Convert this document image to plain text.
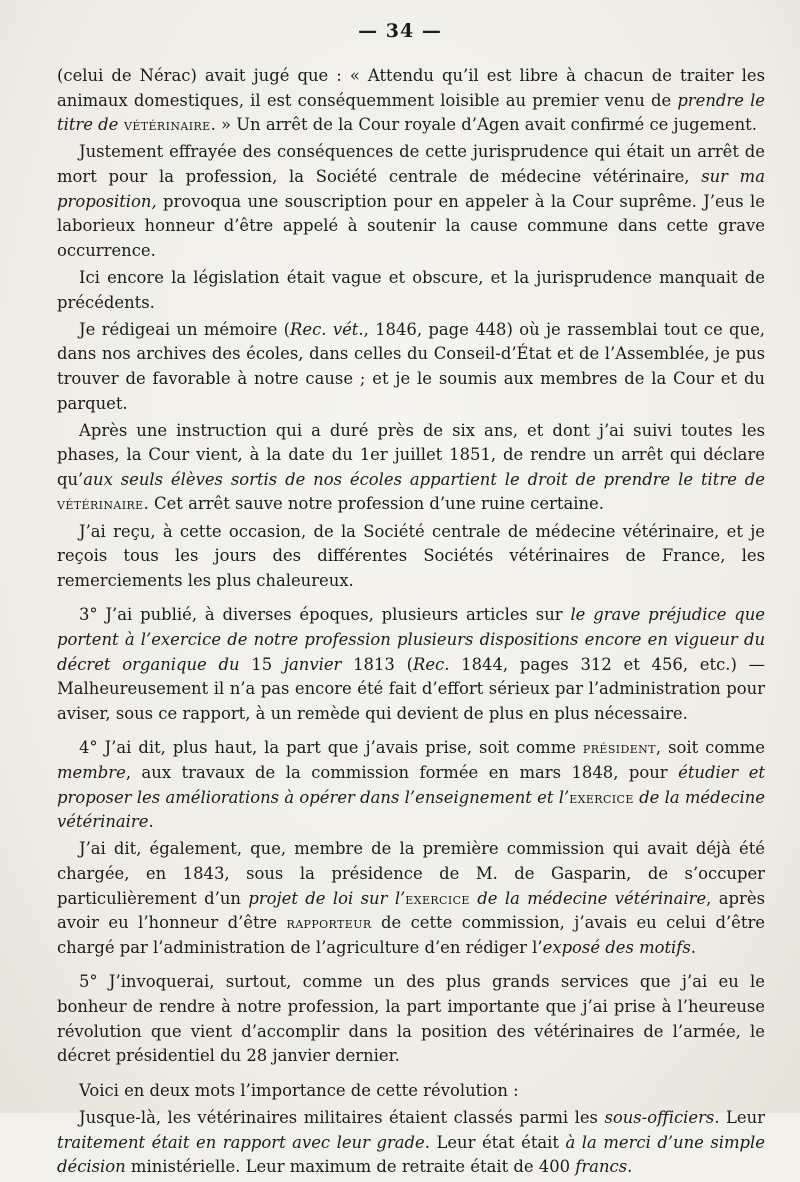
— 34 —

(celui de Nérac) avait jugé que : « Attendu qu’il est libre à chacun de traiter les animaux domestiques, il est conséquemment loisible au premier venu de prendre le titre de vétérinaire. » Un arrêt de la Cour royale d’Agen avait confirmé ce jugement.

Justement effrayée des conséquences de cette jurisprudence qui était un arrêt de mort pour la profession, la Société centrale de médecine vétérinaire, sur ma proposition, provoqua une souscription pour en appeler à la Cour suprême. J’eus le laborieux honneur d’être appelé à soutenir la cause commune dans cette grave occurrence.

Ici encore la législation était vague et obscure, et la jurisprudence manquait de précédents.

Je rédigeai un mémoire (Rec. vét., 1846, page 448) où je rassemblai tout ce que, dans nos archives des écoles, dans celles du Conseil-d’État et de l’Assemblée, je pus trouver de favorable à notre cause ; et je le soumis aux membres de la Cour et du parquet.

Après une instruction qui a duré près de six ans, et dont j’ai suivi toutes les phases, la Cour vient, à la date du 1er juillet 1851, de rendre un arrêt qui déclare qu’aux seuls élèves sortis de nos écoles appartient le droit de prendre le titre de vétérinaire. Cet arrêt sauve notre profession d’une ruine certaine.

J’ai reçu, à cette occasion, de la Société centrale de médecine vétérinaire, et je reçois tous les jours des différentes Sociétés vétérinaires de France, les remerciements les plus chaleureux.

3° J’ai publié, à diverses époques, plusieurs articles sur le grave préjudice que portent à l’exercice de notre profession plusieurs dispositions encore en vigueur du décret organique du 15 janvier 1813 (Rec. 1844, pages 312 et 456, etc.) — Malheureusement il n’a pas encore été fait d’effort sérieux par l’administration pour aviser, sous ce rapport, à un remède qui devient de plus en plus nécessaire.

4° J’ai dit, plus haut, la part que j’avais prise, soit comme président, soit comme membre, aux travaux de la commission formée en mars 1848, pour étudier et proposer les améliorations à opérer dans l’enseignement et l’exercice de la médecine vétérinaire.

J’ai dit, également, que, membre de la première commission qui avait déjà été chargée, en 1843, sous la présidence de M. de Gasparin, de s’occuper particulièrement d’un projet de loi sur l’exercice de la médecine vétérinaire, après avoir eu l’honneur d’être rapporteur de cette commission, j’avais eu celui d’être chargé par l’administration de l’agriculture d’en rédiger l’exposé des motifs.

5° J’invoquerai, surtout, comme un des plus grands services que j’ai eu le bonheur de rendre à notre profession, la part importante que j’ai prise à l’heureuse révolution que vient d’accomplir dans la position des vétérinaires de l’armée, le décret présidentiel du 28 janvier dernier.

Voici en deux mots l’importance de cette révolution :

Jusque-là, les vétérinaires militaires étaient classés parmi les sous-officiers. Leur traitement était en rapport avec leur grade. Leur état était à la merci d’une simple décision ministérielle. Leur maximum de retraite était de 400 francs.
